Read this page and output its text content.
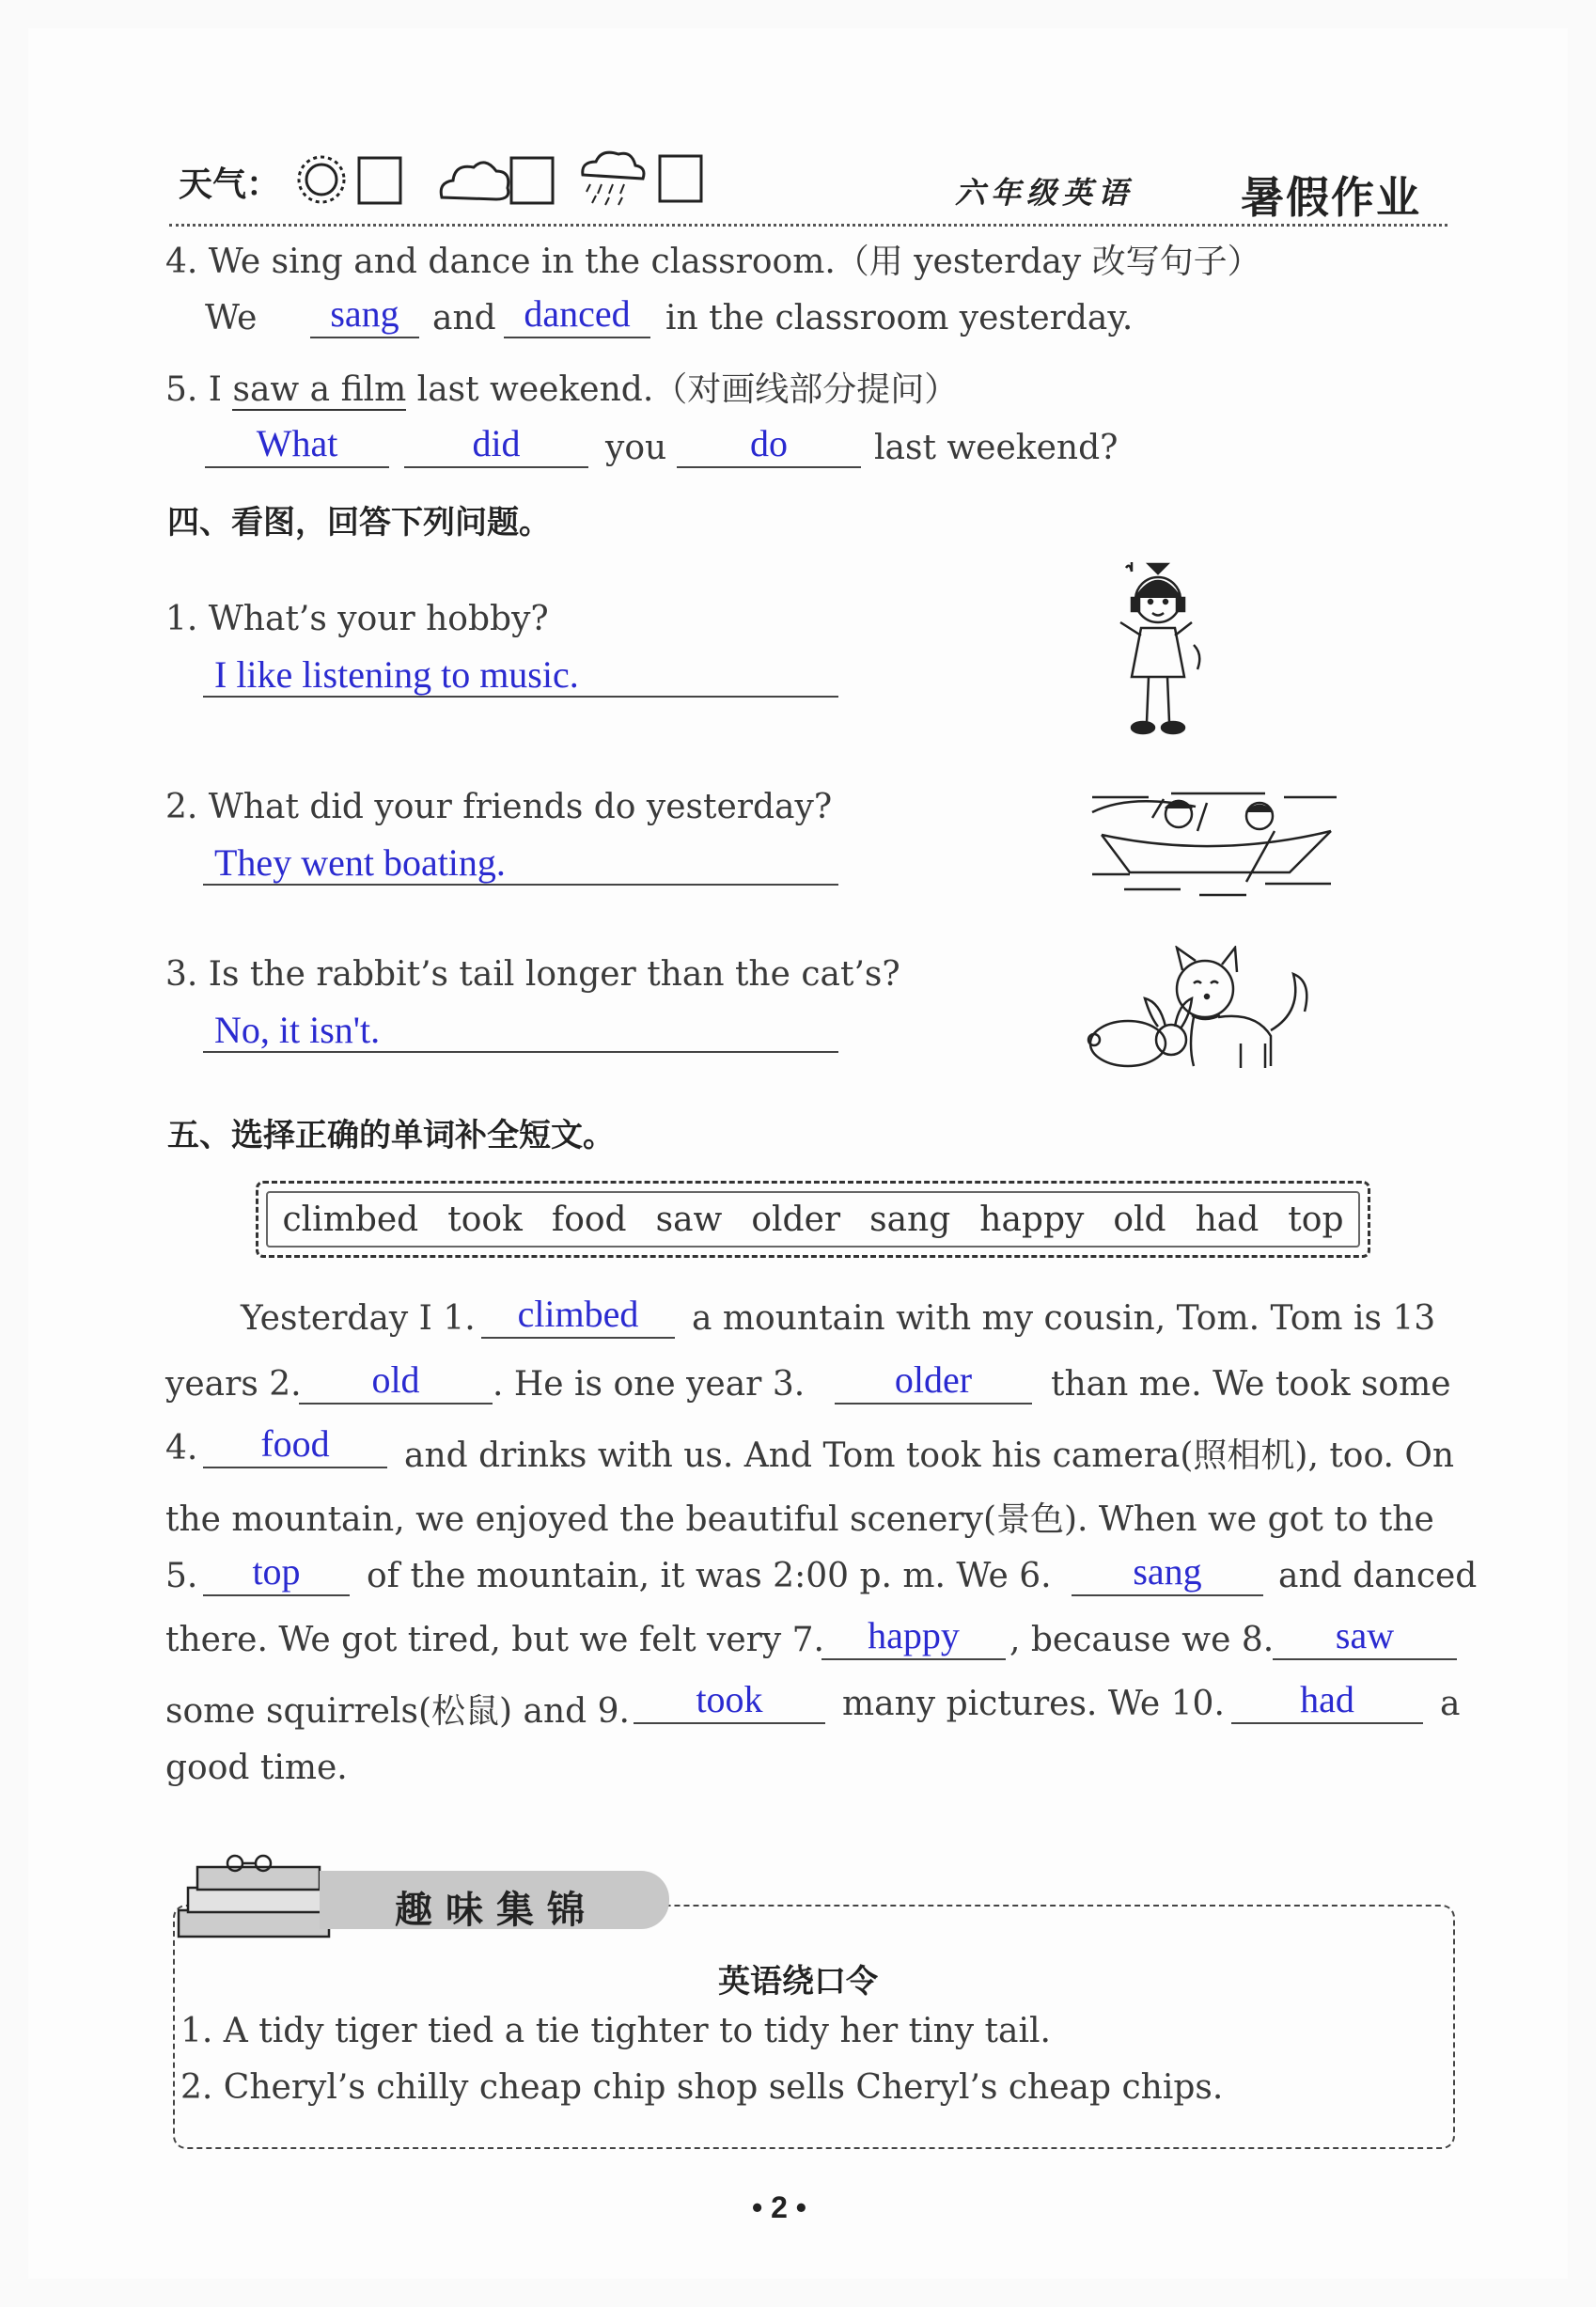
天气：	六年级英语 暑假作业
4. We sing and dance in the classroom.（用 yesterday 改写句子）
We	sang and danced	in the classroom yesterday.
5. I saw a film last weekend.（对画线部分提问）
What	did	you	do	last weekend?
四、看图，回答下列问题。
1. What’s your hobby?
I like listening to music.
2. What did your friends do yesterday?
They went boating.
3. Is the rabbit’s tail longer than the cat’s?
No, it isn't.
五、选择正确的单词补全短文。
climbed took food saw older sang happy old had top
Yesterday I 1.	climbed	a mountain with my cousin, Tom. Tom is 13
years 2.	old	. He is one year 3.	older	than me. We took some
4.	food	and drinks with us. And Tom took his camera(照相机), too. On
the mountain, we enjoyed the beautiful scenery(景色). When we got to the
5.	top	of the mountain, it was 2:00 p. m. We 6.	sang	and danced
there. We got tired, but we felt very 7.	happy	, because we 8.	saw
some squirrels(松鼠) and 9.	took	many pictures. We 10.	had	a
good time.
趣味集锦
英语绕口令
1. A tidy tiger tied a tie tighter to tidy her tiny tail.
2. Cheryl’s chilly cheap chip shop sells Cheryl’s cheap chips.
• 2 •
